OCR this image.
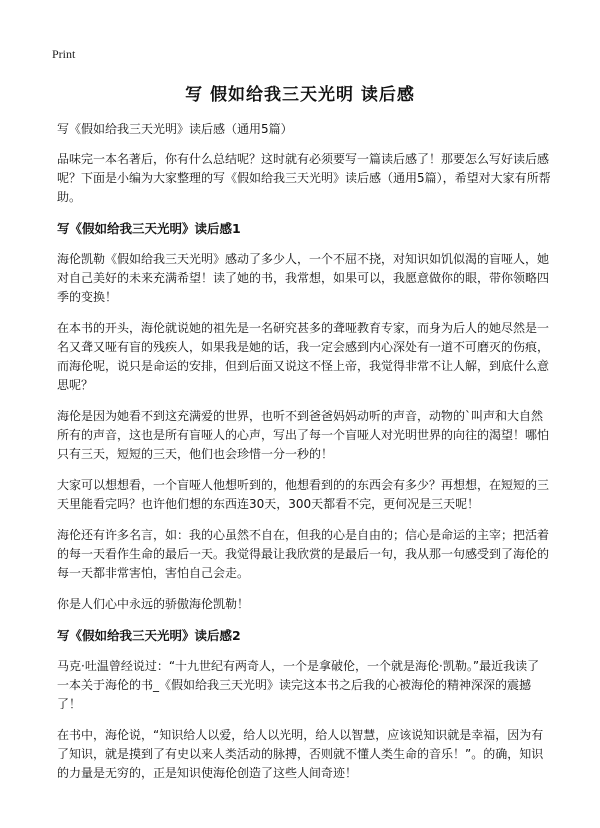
Print
写 假如给我三天光明 读后感

写《假如给我三天光明》读后感（通用5篇）

品味完一本名著后，你有什么总结呢？这时就有必须要写一篇读后感了！那要怎么写好读后感呢？下面是小编为大家整理的写《假如给我三天光明》读后感（通用5篇），希望对大家有所帮助。

写《假如给我三天光明》读后感1

海伦凯勒《假如给我三天光明》感动了多少人，一个不屈不挠，对知识如饥似渴的盲哑人，她对自己美好的未来充满希望！读了她的书，我常想，如果可以，我愿意做你的眼，带你领略四季的变换！

在本书的开头，海伦就说她的祖先是一名研究甚多的聋哑教育专家，而身为后人的她尽然是一名又聋又哑有盲的残疾人，如果我是她的话，我一定会感到内心深处有一道不可磨灭的伤痕，而海伦呢，说只是命运的安排，但到后面又说这不怪上帝，我觉得非常不让人解，到底什么意思呢？

海伦是因为她看不到这充满爱的世界，也听不到爸爸妈妈动听的声音，动物的`叫声和大自然所有的声音，这也是所有盲哑人的心声，写出了每一个盲哑人对光明世界的向往的渴望！哪怕只有三天，短短的三天，他们也会珍惜一分一秒的！

大家可以想想看，一个盲哑人他想听到的，他想看到的的东西会有多少？再想想，在短短的三天里能看完吗？也许他们想的东西连30天，300天都看不完，更何况是三天呢！

海伦还有许多名言，如：我的心虽然不自在，但我的心是自由的；信心是命运的主宰；把活着的每一天看作生命的最后一天。我觉得最让我欣赏的是最后一句，我从那一句感受到了海伦的每一天都非常害怕，害怕自己会走。

你是人们心中永远的骄傲海伦凯勒！

写《假如给我三天光明》读后感2

马克·吐温曾经说过：“十九世纪有两奇人，一个是拿破伦，一个就是海伦·凯勒。”最近我读了一本关于海伦的书_《假如给我三天光明》读完这本书之后我的心被海伦的精神深深的震撼了！

在书中，海伦说，“知识给人以爱，给人以光明，给人以智慧，应该说知识就是幸福，因为有了知识，就是摸到了有史以来人类活动的脉搏，否则就不懂人类生命的音乐！”。的确，知识的力量是无穷的，正是知识使海伦创造了这些人间奇迹！
